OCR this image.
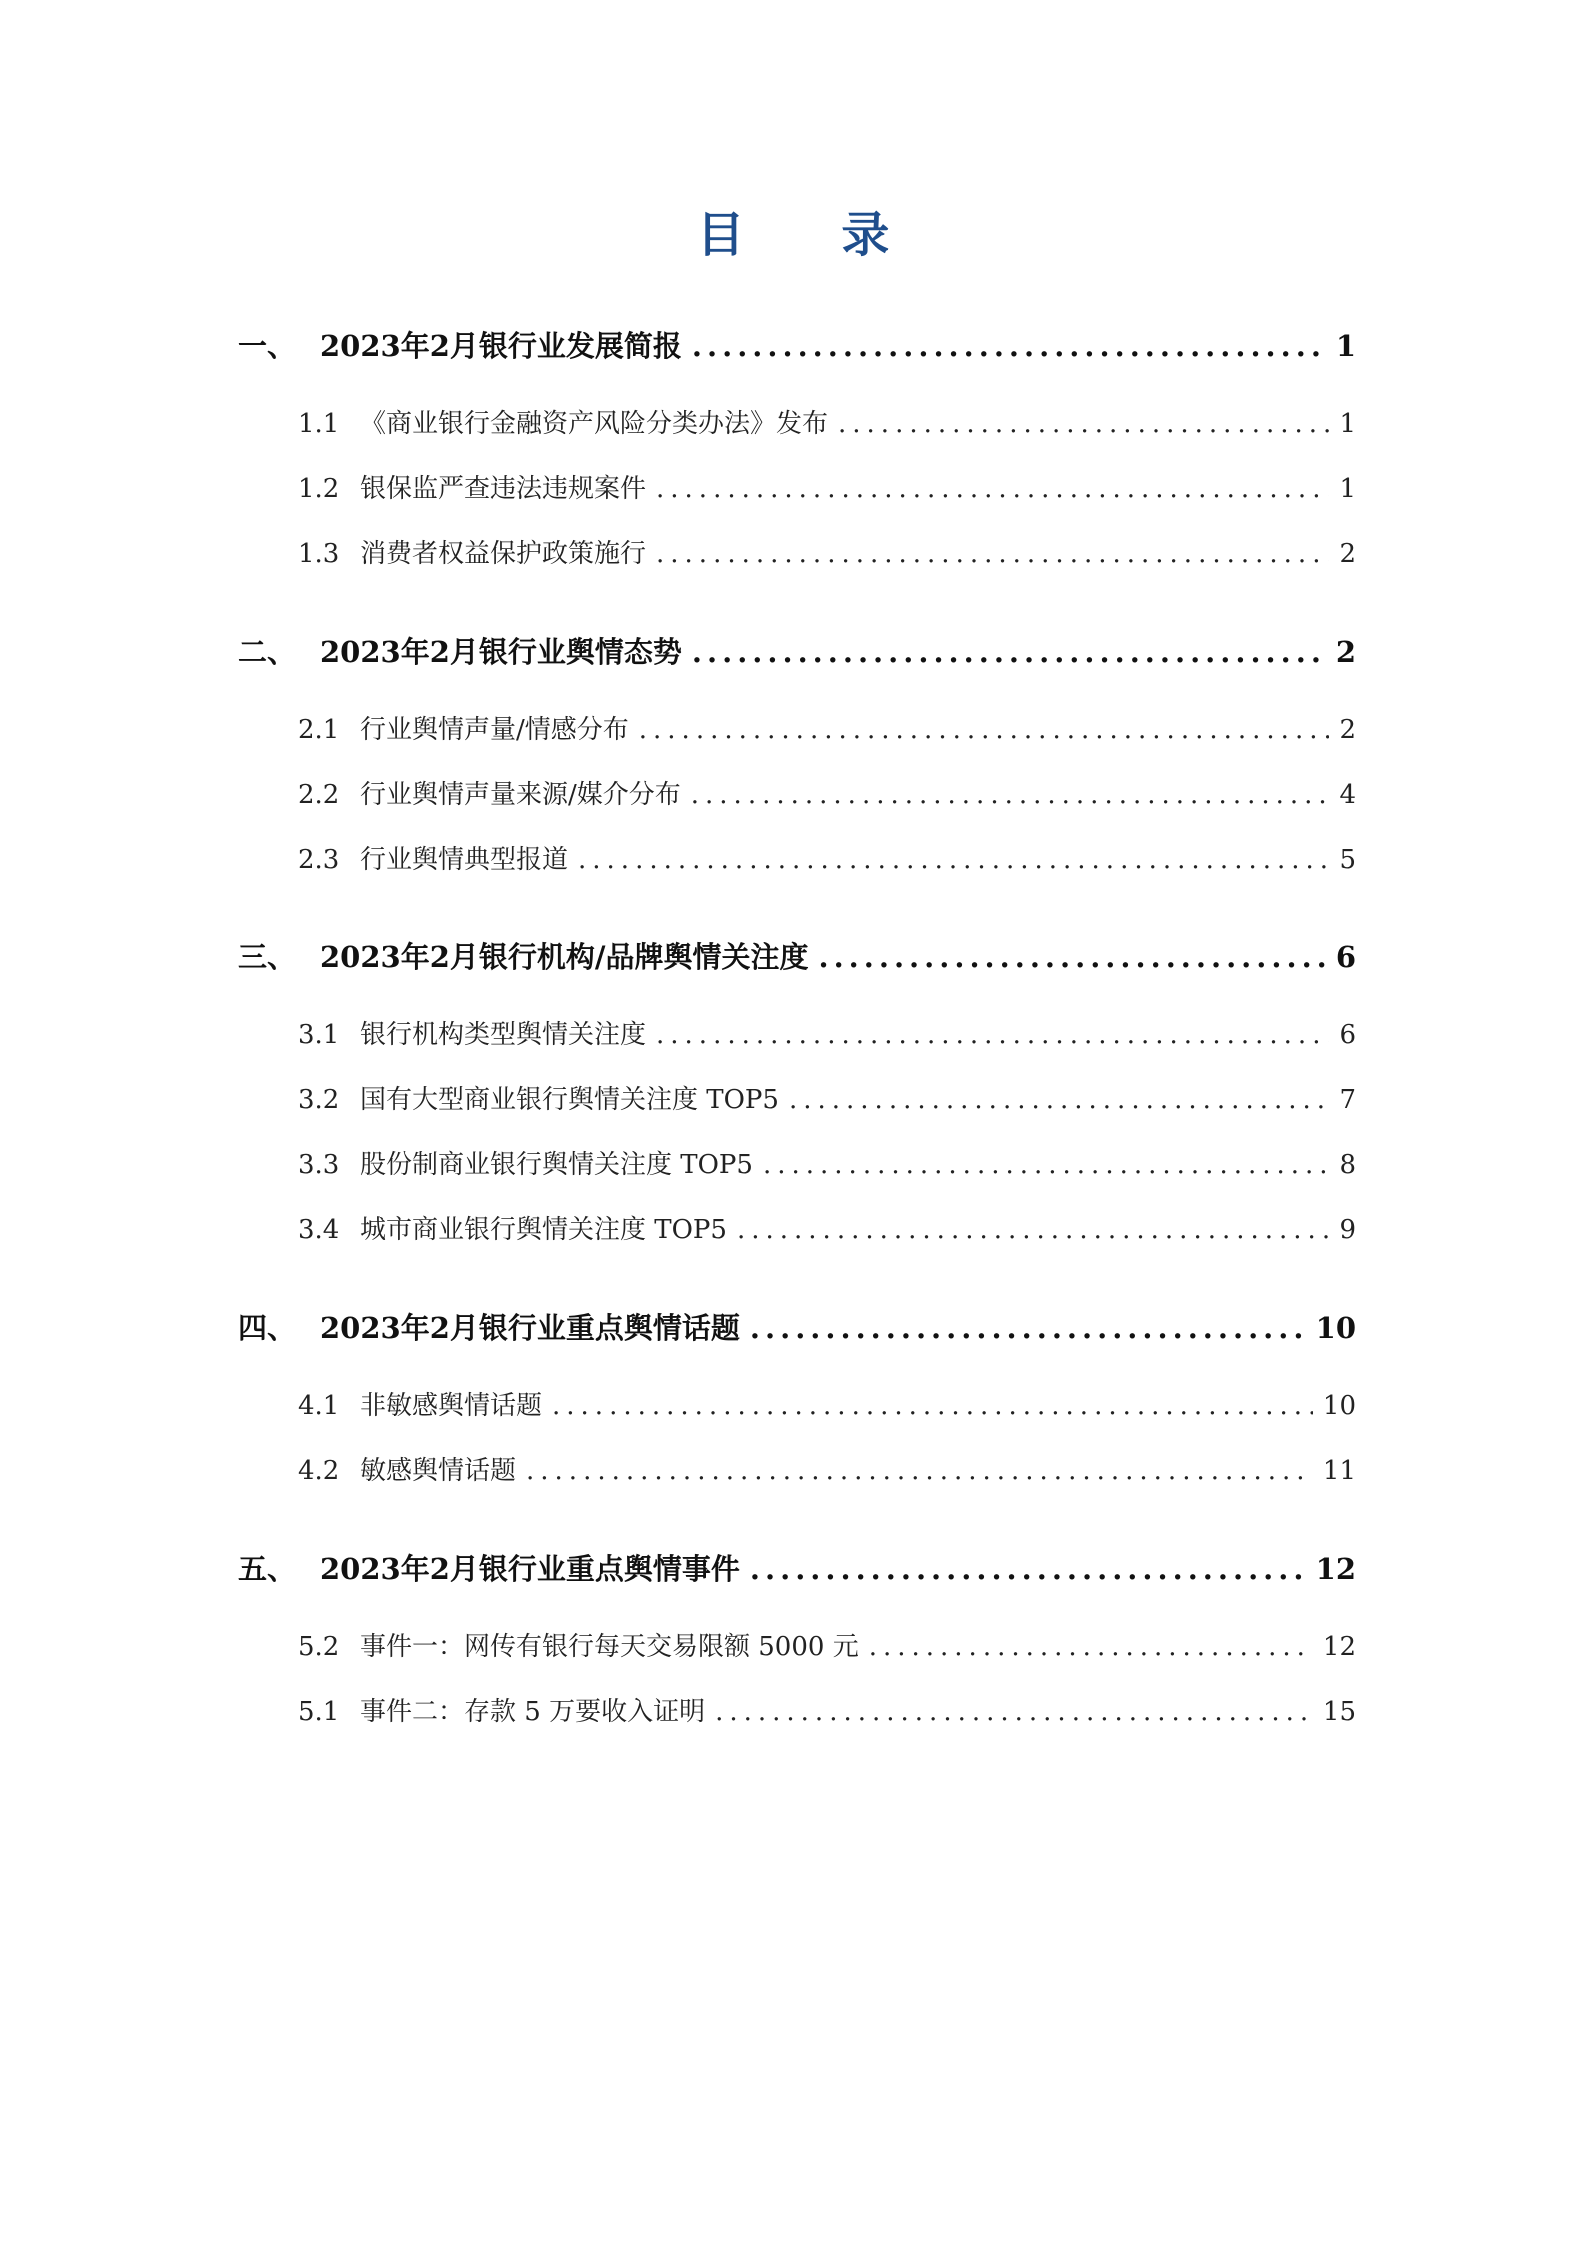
目 录
一、 2023年2月银行业发展简报 .....	1
1.1 《商业银行金融资产风险分类办法》发布 .....	1
1.2 银保监严查违法违规案件 .....	1
1.3 消费者权益保护政策施行 .....	2
二、 2023年2月银行业舆情态势 .....	2
2.1 行业舆情声量/情感分布 .....	2
2.2 行业舆情声量来源/媒介分布 .....	4
2.3 行业舆情典型报道 .....	5
三、 2023年2月银行机构/品牌舆情关注度 .....	6
3.1 银行机构类型舆情关注度 .....	6
3.2 国有大型商业银行舆情关注度 TOP5 .....	7
3.3 股份制商业银行舆情关注度 TOP5 .....	8
3.4 城市商业银行舆情关注度 TOP5 .....	9
四、 2023年2月银行业重点舆情话题 .....	10
4.1 非敏感舆情话题 .....	10
4.2 敏感舆情话题 .....	11
五、 2023年2月银行业重点舆情事件 .....	12
5.2 事件一：网传有银行每天交易限额 5000 元 .....	12
5.1 事件二：存款 5 万要收入证明 .....	15
